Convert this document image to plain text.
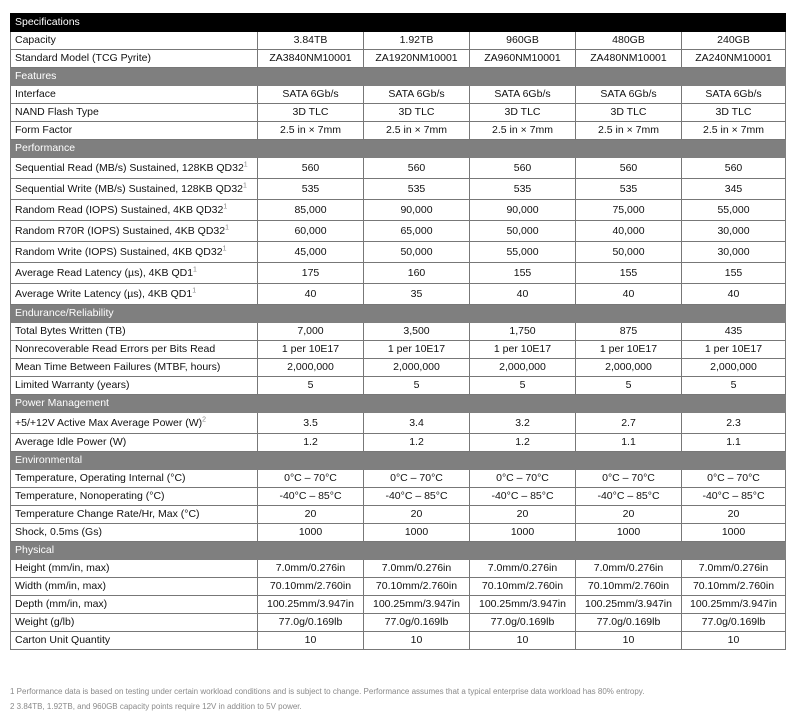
Specifications					
Capacity	3.84TB	1.92TB	960GB	480GB	240GB
Standard Model (TCG Pyrite)	ZA3840NM10001	ZA1920NM10001	ZA960NM10001	ZA480NM10001	ZA240NM10001
Features					
Interface	SATA 6Gb/s	SATA 6Gb/s	SATA 6Gb/s	SATA 6Gb/s	SATA 6Gb/s
NAND Flash Type	3D TLC	3D TLC	3D TLC	3D TLC	3D TLC
Form Factor	2.5 in × 7mm	2.5 in × 7mm	2.5 in × 7mm	2.5 in × 7mm	2.5 in × 7mm
Performance					
Sequential Read (MB/s) Sustained, 128KB $QD32^1$	560	560	560	560	560
Sequential Write (MB/s) Sustained, 128KB $QD32^1$	535	535	535	535	345
Random Read (IOPS) Sustained, 4KB $QD32^1$	85,000	90,000	90,000	75,000	55,000
Random R70R (IOPS) Sustained, 4KB $QD32^1$	60,000	65,000	50,000	40,000	30,000
Random Write (IOPS) Sustained, 4KB $QD32^1$	45,000	50,000	55,000	50,000	30,000
Average Read Latency (µs), 4KB $QD1^1$	175	160	155	155	155
Average Write Latency (µs), 4KB $QD1^1$	40	35	40	40	40
Endurance/Reliability					
Total Bytes Written (TB)	7,000	3,500	1,750	875	435
Nonrecoverable Read Errors per Bits Read	1 per 10E17	1 per 10E17	1 per 10E17	1 per 10E17	1 per 10E17
Mean Time Between Failures (MTBF, hours)	2,000,000	2,000,000	2,000,000	2,000,000	2,000,000
Limited Warranty (years)	5	5	5	5	5
Power Management					
+5/+12V Active Max Average Power $(W)^2$	3.5	3.4	3.2	2.7	2.3
Average Idle Power (W)	1.2	1.2	1.2	1.1	1.1
Environmental					
Temperature, Operating Internal (°C)	0°C – 70°C	0°C – 70°C	0°C – 70°C	0°C – 70°C	0°C – 70°C
Temperature, Nonoperating (°C)	-40°C – 85°C	-40°C – 85°C	-40°C – 85°C	-40°C – 85°C	-40°C – 85°C
Temperature Change Rate/Hr, Max (°C)	20	20	20	20	20
Shock, 0.5ms (Gs)	1000	1000	1000	1000	1000
Physical					
Height (mm/in, max)	7.0mm/0.276in	7.0mm/0.276in	7.0mm/0.276in	7.0mm/0.276in	7.0mm/0.276in
Width (mm/in, max)	70.10mm/2.760in	70.10mm/2.760in	70.10mm/2.760in	70.10mm/2.760in	70.10mm/2.760in
Depth (mm/in, max)	100.25mm/3.947in	100.25mm/3.947in	100.25mm/3.947in	100.25mm/3.947in	100.25mm/3.947in
Weight (g/lb)	77.0g/0.169lb	77.0g/0.169lb	77.0g/0.169lb	77.0g/0.169lb	77.0g/0.169lb
Carton Unit Quantity	10	10	10	10	10
1 Performance data is based on testing under certain workload conditions and is subject to change. Performance assumes that a typical enterprise data workload has 80% entropy.
2 3.84TB, 1.92TB, and 960GB capacity points require 12V in addition to 5V power.
